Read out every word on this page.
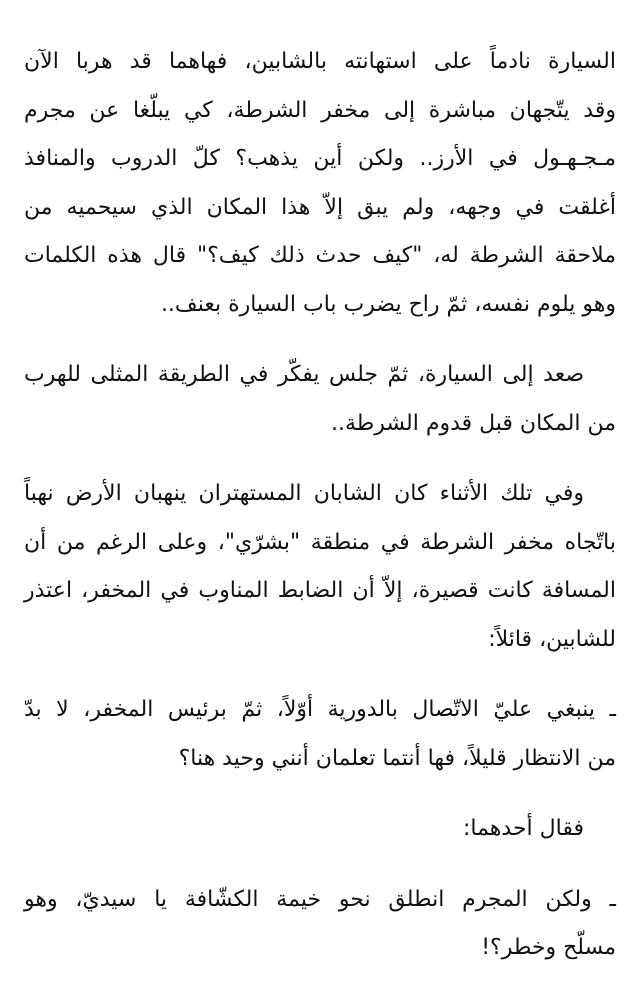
السيارة نادماً على استهانته بالشابين، فهاهما قد هربا الآن
وقد يتّجهان مباشرة إلى مخفر الشرطة، كي يبلّغا عن مجرم
مـجـهـول في الأرز.. ولكن أين يذهب؟ كلّ الدروب والمنافذ
أغلقت في وجهه، ولم يبق إلاّ هذا المكان الذي سيحميه من
ملاحقة الشرطة له، "كيف حدث ذلك كيف؟" قال هذه الكلمات
وهو يلوم نفسه، ثمّ راح يضرب باب السيارة بعنف..

صعد إلى السيارة، ثمّ جلس يفكّر في الطريقة المثلى للهرب
من المكان قبل قدوم الشرطة..

وفي تلك الأثناء كان الشابان المستهتران ينهبان الأرض نهباً
باتّجاه مخفر الشرطة في منطقة "بشرّي"، وعلى الرغم من أن
المسافة كانت قصيرة، إلاّ أن الضابط المناوب في المخفر، اعتذر
للشابين، قائلاً:

ـ ينبغي عليّ الاتّصال بالدورية أوّلاً، ثمّ برئيس المخفر، لا بدّ
من الانتظار قليلاً، فها أنتما تعلمان أنني وحيد هنا؟

فقال أحدهما:

ـ ولكن المجرم انطلق نحو خيمة الكشّافة يا سيديّ، وهو
مسلّح وخطر؟!
